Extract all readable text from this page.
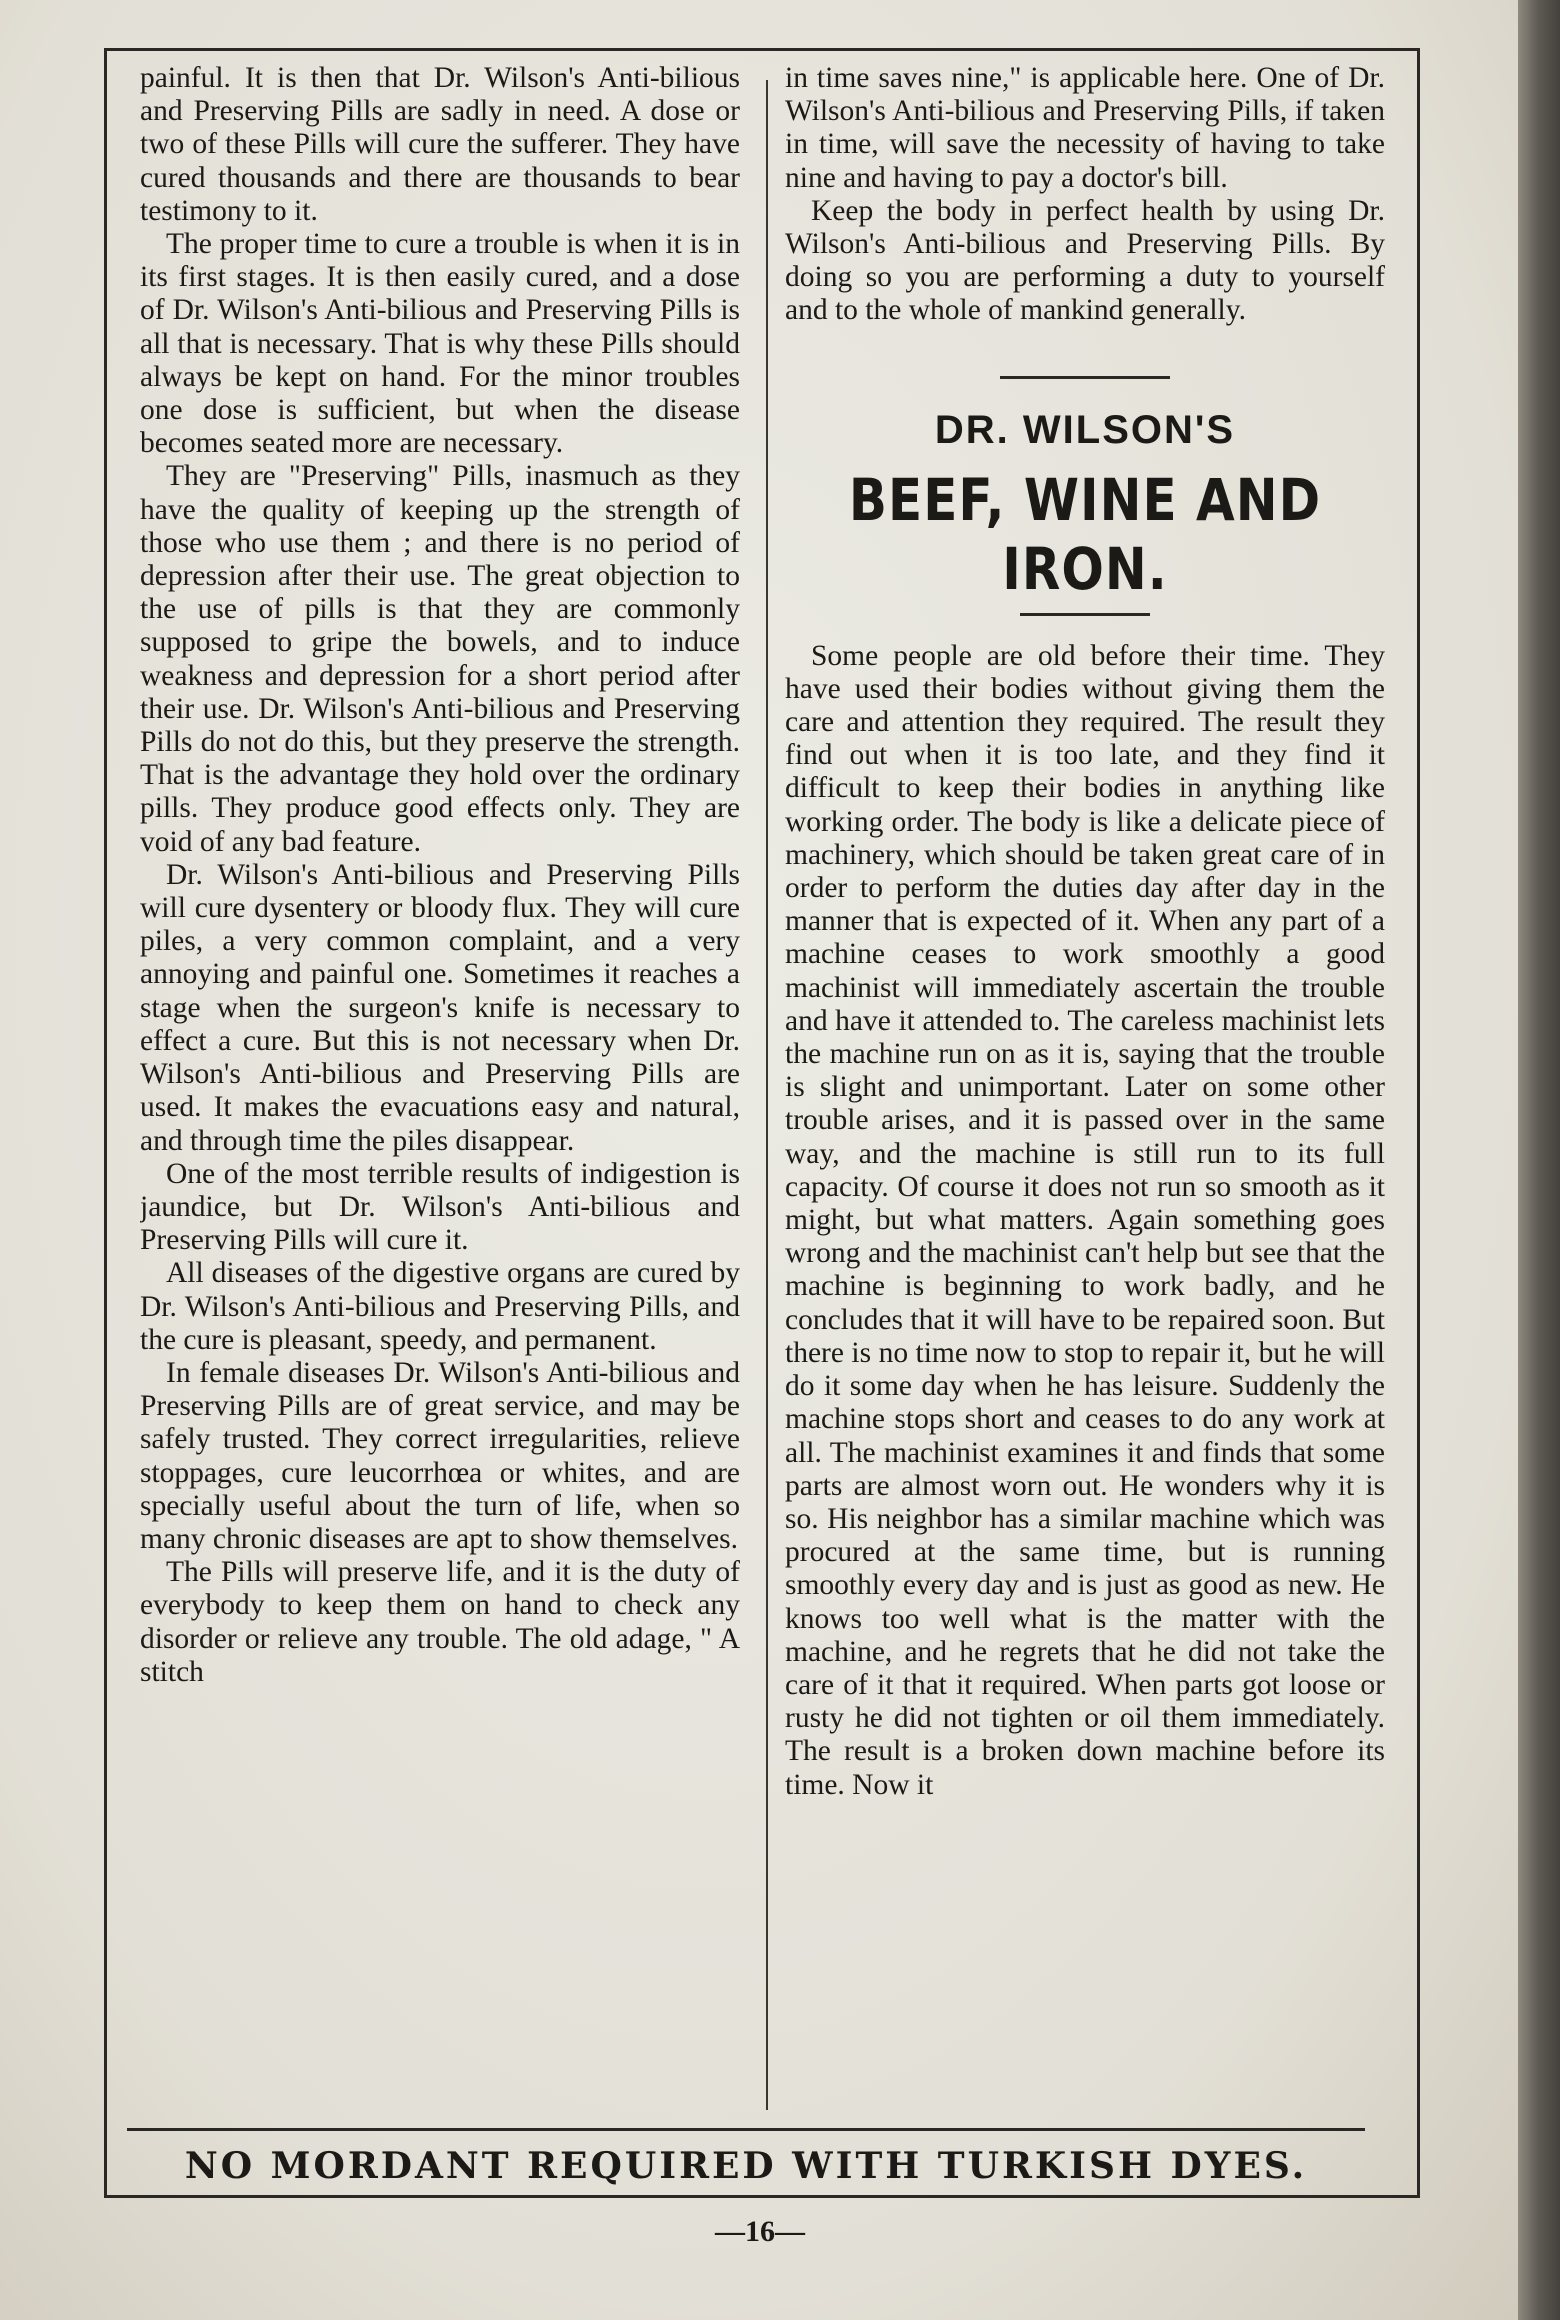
painful. It is then that Dr. Wilson's Anti-bilious and Preserving Pills are sadly in need. A dose or two of these Pills will cure the sufferer. They have cured thousands and there are thousands to bear testimony to it.

The proper time to cure a trouble is when it is in its first stages. It is then easily cured, and a dose of Dr. Wilson's Anti-bilious and Preserving Pills is all that is necessary. That is why these Pills should always be kept on hand. For the minor troubles one dose is sufficient, but when the disease becomes seated more are necessary.

They are "Preserving" Pills, inasmuch as they have the quality of keeping up the strength of those who use them ; and there is no period of depression after their use. The great objection to the use of pills is that they are commonly supposed to gripe the bowels, and to induce weakness and depression for a short period after their use. Dr. Wilson's Anti-bilious and Preserving Pills do not do this, but they preserve the strength. That is the advantage they hold over the ordinary pills. They produce good effects only. They are void of any bad feature.

Dr. Wilson's Anti-bilious and Preserving Pills will cure dysentery or bloody flux. They will cure piles, a very common complaint, and a very annoying and painful one. Sometimes it reaches a stage when the surgeon's knife is necessary to effect a cure. But this is not necessary when Dr. Wilson's Anti-bilious and Preserving Pills are used. It makes the evacuations easy and natural, and through time the piles disappear.

One of the most terrible results of indigestion is jaundice, but Dr. Wilson's Anti-bilious and Preserving Pills will cure it.

All diseases of the digestive organs are cured by Dr. Wilson's Anti-bilious and Preserving Pills, and the cure is pleasant, speedy, and permanent.

In female diseases Dr. Wilson's Anti-bilious and Preserving Pills are of great service, and may be safely trusted. They correct irregularities, relieve stoppages, cure leucorrhœa or whites, and are specially useful about the turn of life, when so many chronic diseases are apt to show themselves.

The Pills will preserve life, and it is the duty of everybody to keep them on hand to check any disorder or relieve any trouble. The old adage, " A stitch

in time saves nine," is applicable here. One of Dr. Wilson's Anti-bilious and Preserving Pills, if taken in time, will save the necessity of having to take nine and having to pay a doctor's bill.

Keep the body in perfect health by using Dr. Wilson's Anti-bilious and Preserving Pills. By doing so you are performing a duty to yourself and to the whole of mankind generally.

DR. WILSON'S
BEEF, WINE AND IRON.

Some people are old before their time. They have used their bodies without giving them the care and attention they required. The result they find out when it is too late, and they find it difficult to keep their bodies in anything like working order. The body is like a delicate piece of machinery, which should be taken great care of in order to perform the duties day after day in the manner that is expected of it. When any part of a machine ceases to work smoothly a good machinist will immediately ascertain the trouble and have it attended to. The careless machinist lets the machine run on as it is, saying that the trouble is slight and unimportant. Later on some other trouble arises, and it is passed over in the same way, and the machine is still run to its full capacity. Of course it does not run so smooth as it might, but what matters. Again something goes wrong and the machinist can't help but see that the machine is beginning to work badly, and he concludes that it will have to be repaired soon. But there is no time now to stop to repair it, but he will do it some day when he has leisure. Suddenly the machine stops short and ceases to do any work at all. The machinist examines it and finds that some parts are almost worn out. He wonders why it is so. His neighbor has a similar machine which was procured at the same time, but is running smoothly every day and is just as good as new. He knows too well what is the matter with the machine, and he regrets that he did not take the care of it that it required. When parts got loose or rusty he did not tighten or oil them immediately. The result is a broken down machine before its time. Now it

NO MORDANT REQUIRED WITH TURKISH DYES.
—16—
